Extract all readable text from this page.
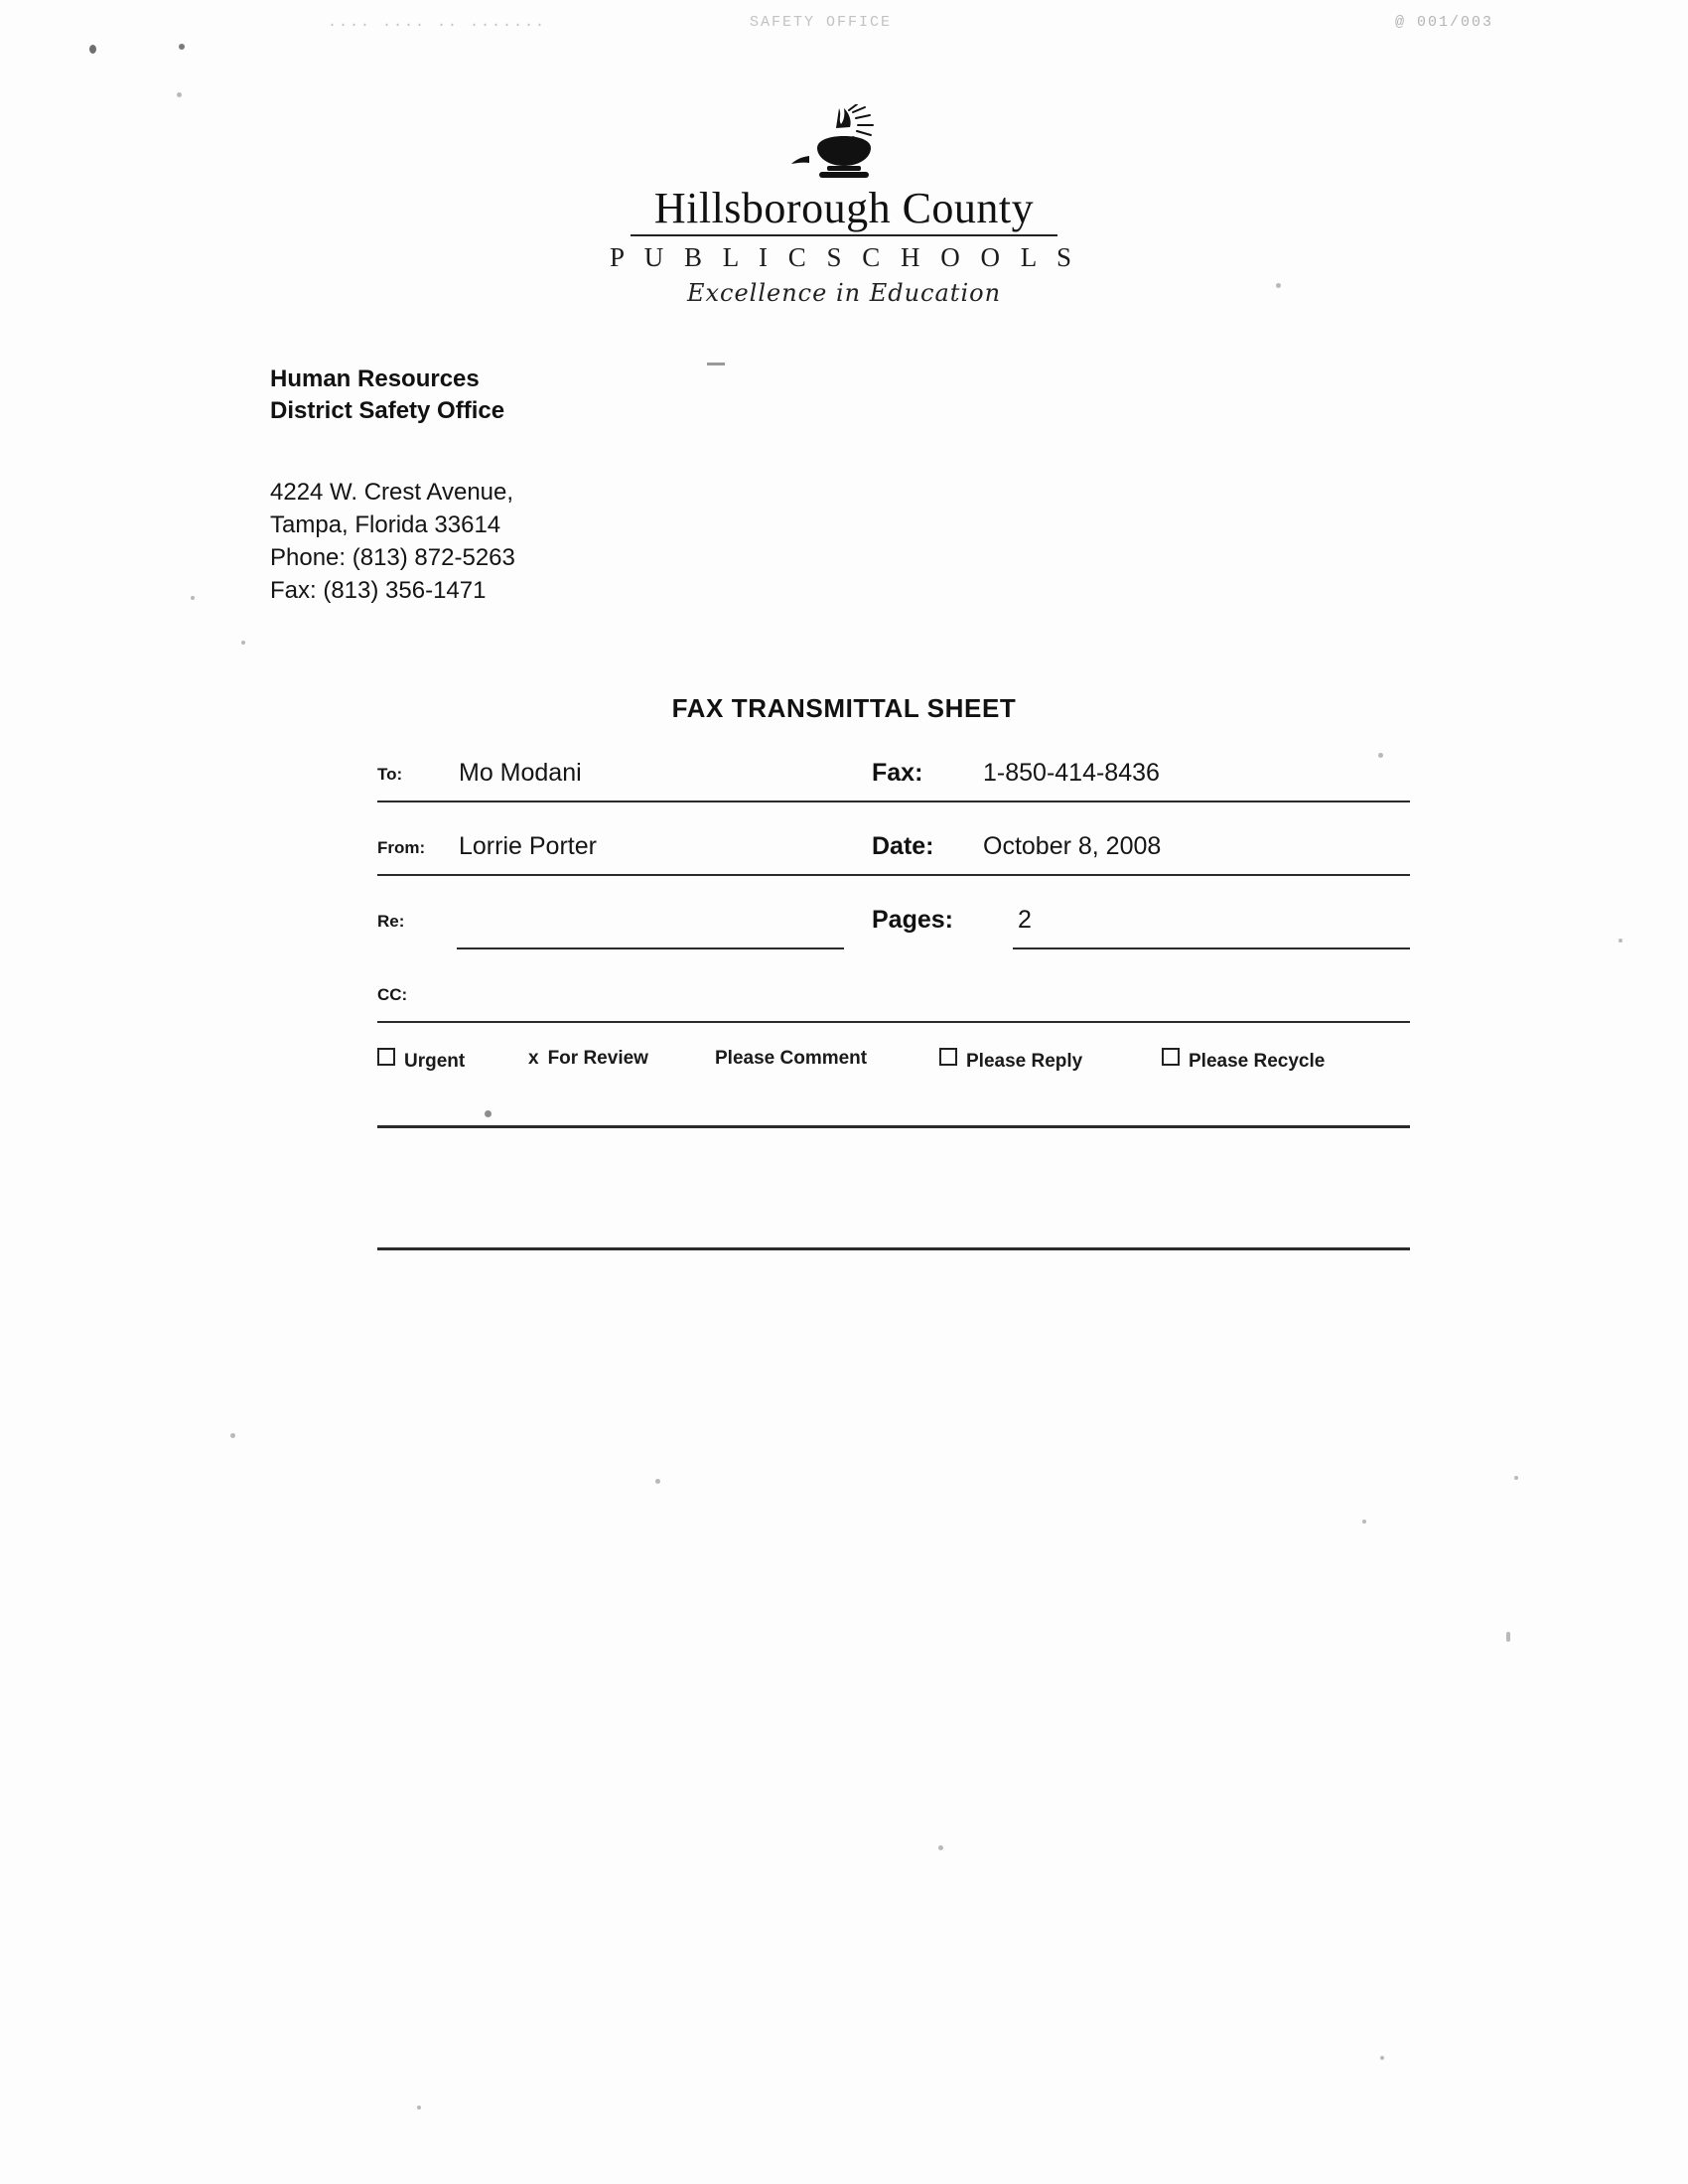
.... .... .. .......	SAFETY OFFICE	@ 001/003
Hillsborough County
P U B L I C S C H O O L S
Excellence in Education
Human Resources
District Safety Office
4224 W. Crest Avenue,
Tampa, Florida 33614
Phone: (813) 872-5263
Fax: (813) 356-1471
FAX TRANSMITTAL SHEET
To: Mo Modani	Fax: 1-850-414-8436
From: Lorrie Porter	Date: October 8, 2008
Re:	Pages:	2
CC:
Urgent	x For Review	Please Comment	Please Reply	Please Recycle
